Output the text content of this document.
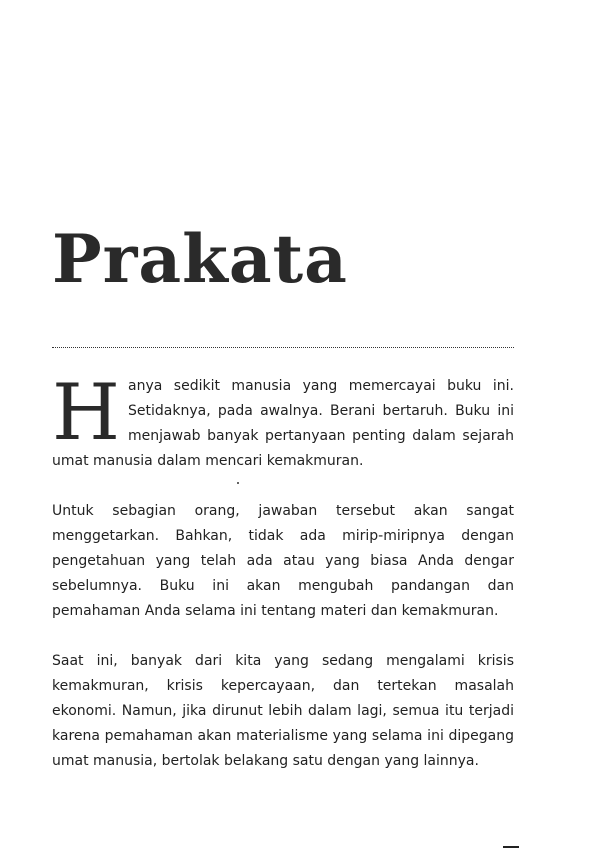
Prakata

Hanya sedikit manusia yang memercayai buku ini. Setidaknya, pada awalnya. Berani bertaruh. Buku ini menjawab banyak pertanyaan penting dalam sejarah umat manusia dalam mencari kemakmuran.

Untuk sebagian orang, jawaban tersebut akan sangat menggetarkan. Bahkan, tidak ada mirip-miripnya dengan pengetahuan yang telah ada atau yang biasa Anda dengar sebelumnya. Buku ini akan mengubah pandangan dan pemahaman Anda selama ini tentang materi dan kemakmuran.

Saat ini, banyak dari kita yang sedang mengalami krisis kemakmuran, krisis kepercayaan, dan tertekan masalah ekonomi. Namun, jika dirunut lebih dalam lagi, semua itu terjadi karena pemahaman akan materialisme yang selama ini dipegang umat manusia, bertolak belakang satu dengan yang lainnya.
